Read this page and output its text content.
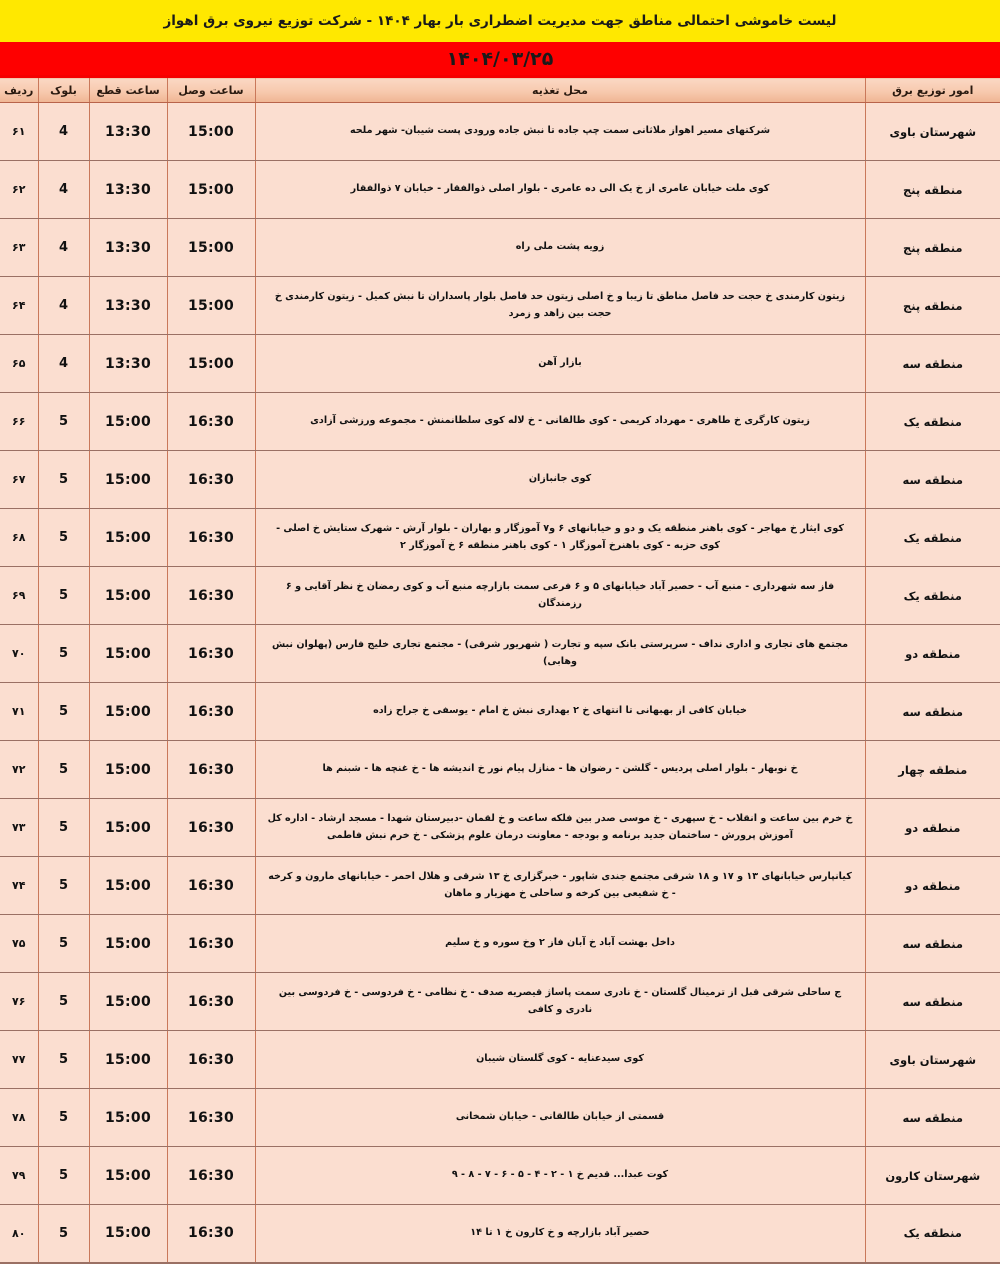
لیست خاموشی احتمالی مناطق جهت مدیریت اضطراری بار بهار ۱۴۰۴ - شرکت توزیع نیروی برق اهواز
۱۴۰۴/۰۳/۲۵
امور توزیع برق	محل تغذیه	ساعت وصل	ساعت قطع	بلوک	ردیف
شهرستان باوی	شرکتهای مسیر اهواز ملاثانی سمت چپ جاده تا نبش جاده ورودی پست شیبان- شهر ملحه	15:00	13:30	4	۶۱
منطقه پنج	کوی ملت خیابان عامری از خ یک الی ده عامری - بلوار اصلی ذوالفقار - خیابان ۷ ذوالفقار	15:00	13:30	4	۶۲
منطقه پنج	زویه پشت ملی راه	15:00	13:30	4	۶۳
منطقه پنج	زیتون کارمندی خ حجت حد فاصل مناطق تا زیبا و خ اصلی زیتون حد فاصل بلوار پاسداران تا نبش کمیل - زیتون کارمندی خ حجت بین زاهد و زمرد	15:00	13:30	4	۶۴
منطقه سه	بازار آهن	15:00	13:30	4	۶۵
منطقه یک	زیتون کارگری خ طاهری - مهرداد کریمی - کوی طالقانی - خ لاله کوی سلطانمنش - مجموعه ورزشی آزادی	16:30	15:00	5	۶۶
منطقه سه	کوی جانبازان	16:30	15:00	5	۶۷
منطقه یک	کوی ایثار خ مهاجر - کوی باهنر منطقه یک و دو و خیابانهای ۶ و۷ آموزگار و بهاران - بلوار آرش - شهرک ستایش خ اصلی - کوی حزبه - کوی باهنرخ آموزگار ۱ - کوی باهنر منطقه ۶ خ آموزگار ۲	16:30	15:00	5	۶۸
منطقه یک	فاز سه شهرداری - منبع آب - حصیر آباد خیابانهای ۵ و ۶ فرعی سمت بازارچه منبع آب و کوی رمضان خ نظر آقایی و ۶ رزمندگان	16:30	15:00	5	۶۹
منطقه دو	مجتمع های تجاری و اداری نداف - سرپرستی بانک سپه و تجارت ( شهریور شرقی) - مجتمع تجاری خلیج فارس (پهلوان نبش وهابی)	16:30	15:00	5	۷۰
منطقه سه	خیابان کافی از بهبهانی تا انتهای خ ۲ بهداری نبش خ امام - یوسفی خ جراح زاده	16:30	15:00	5	۷۱
منطقه چهار	خ نوبهار - بلوار اصلی پردیس - گلشن - رضوان ها - منازل پیام نور خ اندیشه ها - خ غنچه ها - شبنم ها	16:30	15:00	5	۷۲
منطقه دو	خ خرم بین ساعت و انقلاب - خ سپهری - خ موسی صدر بین فلکه ساعت و خ لقمان -دبیرستان شهدا - مسجد ارشاد - اداره کل آموزش پرورش - ساختمان جدید برنامه و بودجه - معاونت درمان علوم پزشکی - خ خرم نبش فاطمی	16:30	15:00	5	۷۳
منطقه دو	کیانپارس خیابانهای ۱۳ و ۱۷ و ۱۸ شرقی مجتمع جندی شاپور - خبرگزاری خ ۱۳ شرقی و هلال احمر - خیابانهای مارون و کرخه - خ شفیعی بین کرخه و ساحلی خ مهزیار و ماهان	16:30	15:00	5	۷۴
منطقه سه	داخل بهشت آباد خ آبان فاز ۲ وخ سوره و خ سلیم	16:30	15:00	5	۷۵
منطقه سه	ج ساحلی شرقی قبل از ترمینال گلستان - خ نادری سمت پاساژ قیصریه صدف - خ نظامی - خ فردوسی - خ فردوسی بین نادری و کافی	16:30	15:00	5	۷۶
شهرستان باوی	کوی سیدعنایه - کوی گلستان شیبان	16:30	15:00	5	۷۷
منطقه سه	قسمتی از خیابان طالقانی - خیابان شمخانی	16:30	15:00	5	۷۸
شهرستان کارون	کوت عبدا... قدیم خ ۱ - ۲ - ۴ - ۵ - ۶ - ۷ - ۸ - ۹	16:30	15:00	5	۷۹
منطقه یک	حصیر آباد بازارچه و خ کارون خ ۱ تا ۱۴	16:30	15:00	5	۸۰
